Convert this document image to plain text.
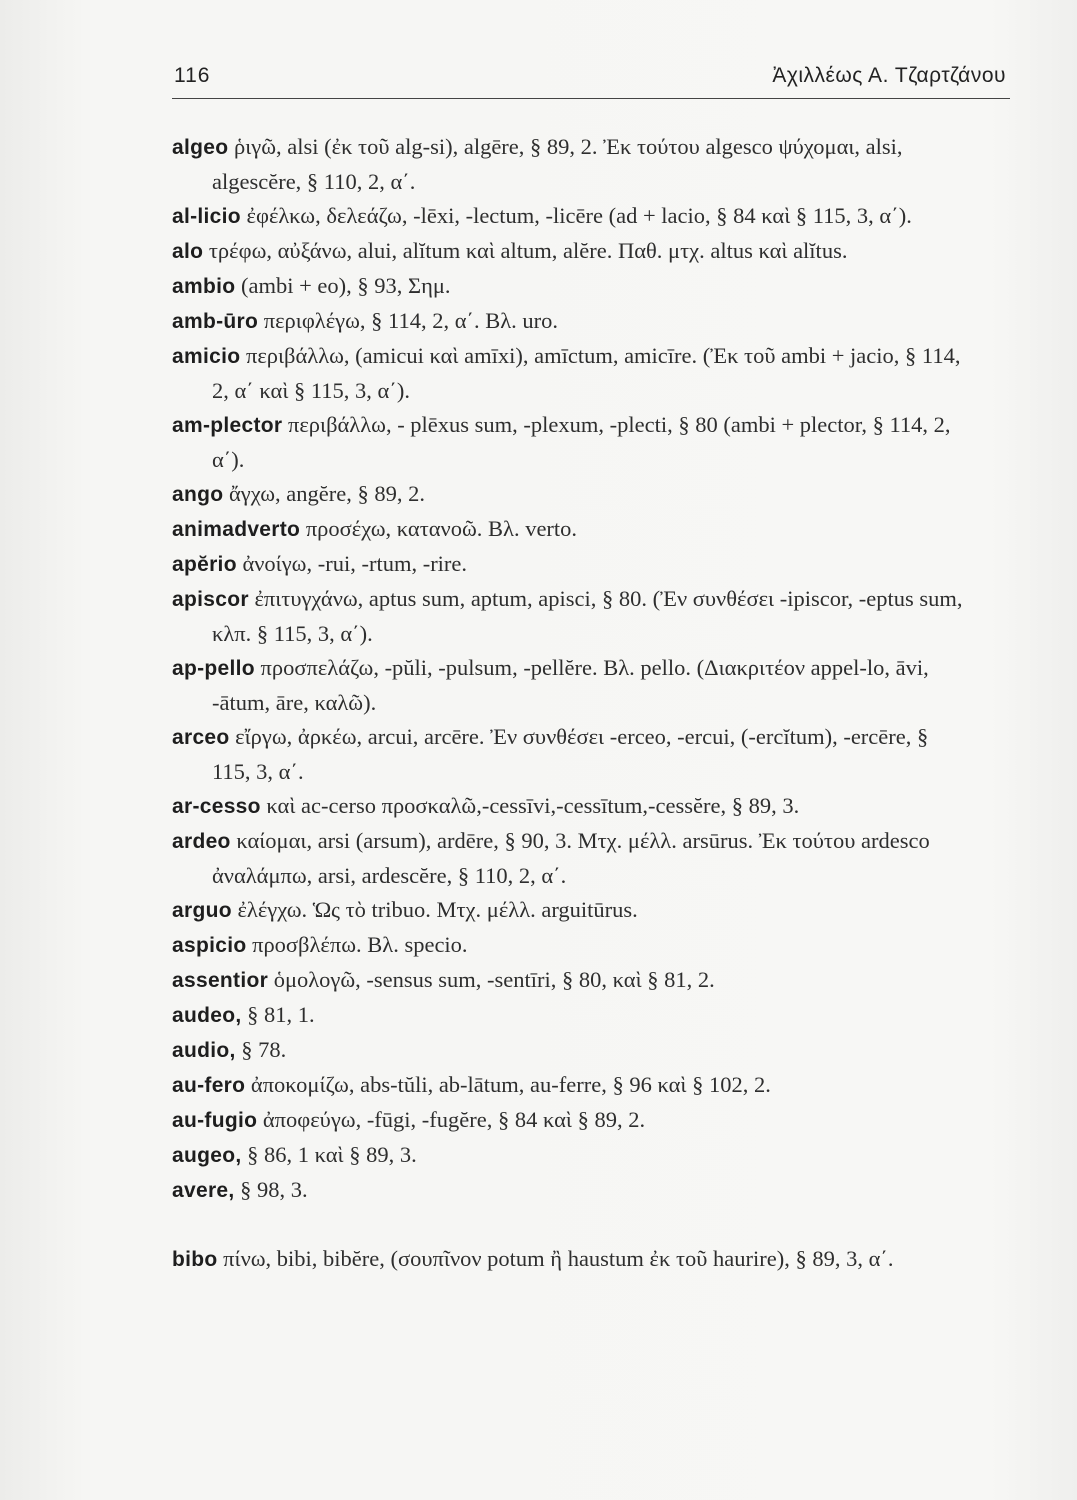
116	Ἀχιλλέως Α. Τζαρτζάνου

algeo ῥιγῶ, alsi (ἐκ τοῦ alg-si), algēre, § 89, 2. Ἐκ τούτου algesco ψύχομαι, alsi, algescĕre, § 110, 2, α΄.

al-licio ἐφέλκω, δελεάζω, -lēxi, -lectum, -licēre (ad + lacio, § 84 καὶ § 115, 3, α΄).

alo τρέφω, αὐξάνω, alui, alĭtum καὶ altum, alĕre. Παθ. μτχ. altus καὶ alĭtus.

ambio (ambi + eo), § 93, Σημ.

amb-ūro περιφλέγω, § 114, 2, α΄. Βλ. uro.

amicio περιβάλλω, (amicui καὶ amīxi), amīctum, amicīre. (Ἐκ τοῦ ambi + jacio, § 114, 2, α΄ καὶ § 115, 3, α΄).

am-plector περιβάλλω, - plēxus sum, -plexum, -plecti, § 80 (ambi + plector, § 114, 2, α΄).

ango ἄγχω, angĕre, § 89, 2.

animadverto προσέχω, κατανοῶ. Βλ. verto.

apĕrio ἀνοίγω, -rui, -rtum, -rire.

apiscor ἐπιτυγχάνω, aptus sum, aptum, apisci, § 80. (Ἐν συνθέσει -ipiscor, -eptus sum, κλπ. § 115, 3, α΄).

ap-pello προσπελάζω, -pŭli, -pulsum, -pellĕre. Βλ. pello. (Διακριτέον appel-lo, āvi, -ātum, āre, καλῶ).

arceo εἴργω, ἀρκέω, arcui, arcēre. Ἐν συνθέσει -erceo, -ercui, (-ercĭtum), -ercēre, § 115, 3, α΄.

ar-cesso καὶ ac-cerso προσκαλῶ,-cessīvi,-cessītum,-cessĕre, § 89, 3.

ardeo καίομαι, arsi (arsum), ardēre, § 90, 3. Μτχ. μέλλ. arsūrus. Ἐκ τούτου ardesco ἀναλάμπω, arsi, ardescĕre, § 110, 2, α΄.

arguo ἐλέγχω. Ὡς τὸ tribuo. Μτχ. μέλλ. arguitūrus.

aspicio προσβλέπω. Βλ. specio.

assentior ὁμολογῶ, -sensus sum, -sentīri, § 80, καὶ § 81, 2.

audeo, § 81, 1.

audio, § 78.

au-fero ἀποκομίζω, abs-tŭli, ab-lātum, au-ferre, § 96 καὶ § 102, 2.

au-fugio ἀποφεύγω, -fūgi, -fugĕre, § 84 καὶ § 89, 2.

augeo, § 86, 1 καὶ § 89, 3.

avere, § 98, 3.

bibo πίνω, bibi, bibĕre, (σουπῖνον potum ἢ haustum ἐκ τοῦ haurire), § 89, 3, α΄.
